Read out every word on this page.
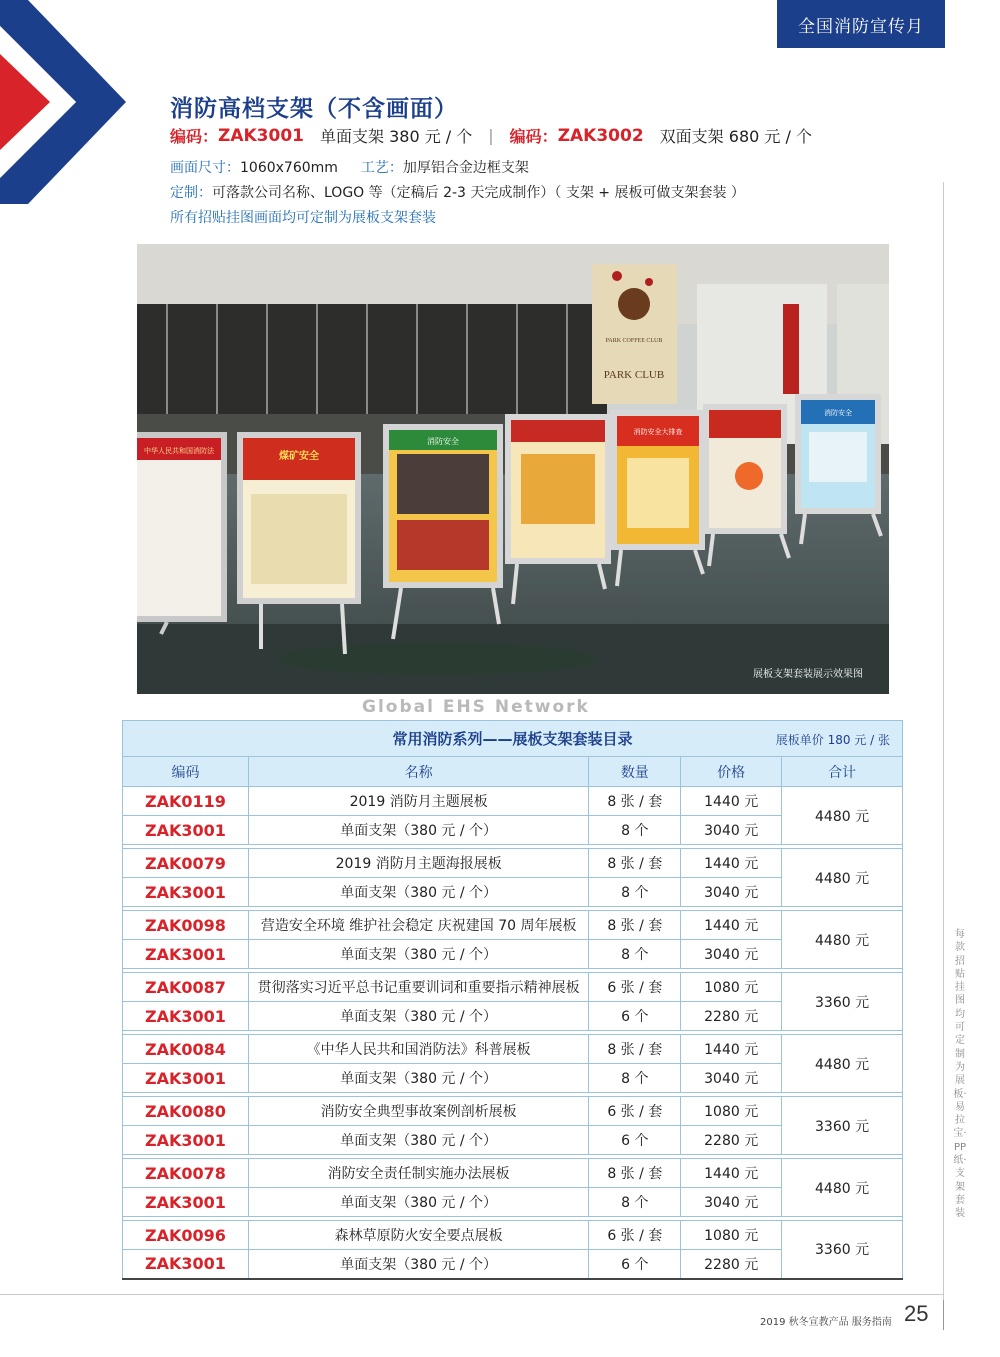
全国消防宣传月
消防高档支架（不含画面）
编码： ZAK3001 单面支架 380 元 / 个 | 编码： ZAK3002 双面支架 680 元 / 个
画面尺寸：1060x760mm 工艺：加厚铝合金边框支架
定制：可落款公司名称、LOGO 等（定稿后 2-3 天完成制作）（ 支架 + 展板可做支架套装 ）
所有招贴挂图画面均可定制为展板支架套装
PARK COFFEE CLUB
PARK CLUB
中华人民共和国消防法	煤矿安全
消防安全
消防安全大排查
消防安全
展板支架套装展示效果图
Global EHS Network
常用消防系列——展板支架套装目录 展板单价 180 元 / 张				

编码	名称	数量	价格	合计
ZAK0119	2019 消防月主题展板	8 张 / 套	1440 元	4480 元
ZAK3001	单面支架（380 元 / 个）	8 个	3040 元	

ZAK0079	2019 消防月主题海报展板	8 张 / 套	1440 元	4480 元
ZAK3001	单面支架（380 元 / 个）	8 个	3040 元	

ZAK0098	营造安全环境 维护社会稳定 庆祝建国 70 周年展板	8 张 / 套	1440 元	4480 元
ZAK3001	单面支架（380 元 / 个）	8 个	3040 元	

ZAK0087	贯彻落实习近平总书记重要训词和重要指示精神展板	6 张 / 套	1080 元	3360 元
ZAK3001	单面支架（380 元 / 个）	6 个	2280 元	

ZAK0084	《中华人民共和国消防法》科普展板	8 张 / 套	1440 元	4480 元
ZAK3001	单面支架（380 元 / 个）	8 个	3040 元	

ZAK0080	消防安全典型事故案例剖析展板	6 张 / 套	1080 元	3360 元
ZAK3001	单面支架（380 元 / 个）	6 个	2280 元	

ZAK0078	消防安全责任制实施办法展板	8 张 / 套	1440 元	4480 元
ZAK3001	单面支架（380 元 / 个）	8 个	3040 元	

ZAK0096	森林草原防火安全要点展板	6 张 / 套	1080 元	3360 元
ZAK3001	单面支架（380 元 / 个）	6 个	2280 元	
每款招贴挂图均可定制为展板·易拉宝·PP纸·支架套装
2019 秋冬宣教产品 服务指南 25
